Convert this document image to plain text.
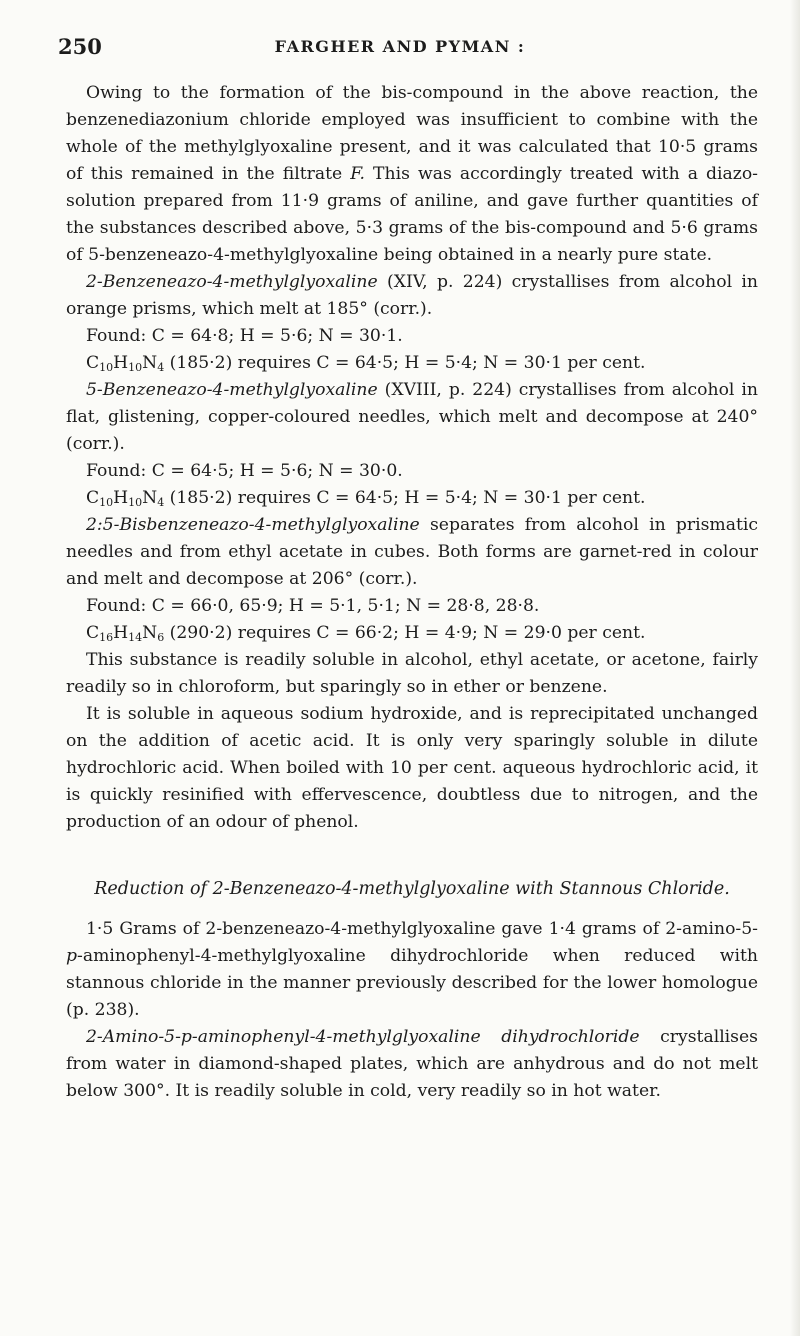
250	FARGHER AND PYMAN :

Owing to the formation of the bis-compound in the above reaction, the benzenediazonium chloride employed was insufficient to combine with the whole of the methylglyoxaline present, and it was calculated that 10·5 grams of this remained in the filtrate F. This was accordingly treated with a diazo-solution prepared from 11·9 grams of aniline, and gave further quantities of the substances described above, 5·3 grams of the bis-compound and 5·6 grams of 5-benzeneazo-4-methylglyoxaline being obtained in a nearly pure state.

2-Benzeneazo-4-methylglyoxaline (XIV, p. 224) crystallises from alcohol in orange prisms, which melt at 185° (corr.).

Found: C = 64·8; H = 5·6; N = 30·1.

$C_{10}H_{10}N_4$ (185·2) requires C = 64·5; H = 5·4; N = 30·1 per cent.

5-Benzeneazo-4-methylglyoxaline (XVIII, p. 224) crystallises from alcohol in flat, glistening, copper-coloured needles, which melt and decompose at 240° (corr.).

Found: C = 64·5; H = 5·6; N = 30·0.

$C_{10}H_{10}N_4$ (185·2) requires C = 64·5; H = 5·4; N = 30·1 per cent.

2:5-Bisbenzeneazo-4-methylglyoxaline separates from alcohol in prismatic needles and from ethyl acetate in cubes. Both forms are garnet-red in colour and melt and decompose at 206° (corr.).

Found: C = 66·0, 65·9; H = 5·1, 5·1; N = 28·8, 28·8.

$C_{16}H_{14}N_6$ (290·2) requires C = 66·2; H = 4·9; N = 29·0 per cent.

This substance is readily soluble in alcohol, ethyl acetate, or acetone, fairly readily so in chloroform, but sparingly so in ether or benzene.

It is soluble in aqueous sodium hydroxide, and is reprecipitated unchanged on the addition of acetic acid. It is only very sparingly soluble in dilute hydrochloric acid. When boiled with 10 per cent. aqueous hydrochloric acid, it is quickly resinified with effervescence, doubtless due to nitrogen, and the production of an odour of phenol.

Reduction of 2-Benzeneazo-4-methylglyoxaline with Stannous Chloride.

1·5 Grams of 2-benzeneazo-4-methylglyoxaline gave 1·4 grams of 2-amino-5-p-aminophenyl-4-methylglyoxaline dihydrochloride when reduced with stannous chloride in the manner previously described for the lower homologue (p. 238).

2-Amino-5-p-aminophenyl-4-methylglyoxaline dihydrochloride crystallises from water in diamond-shaped plates, which are anhydrous and do not melt below 300°. It is readily soluble in cold, very readily so in hot water.
